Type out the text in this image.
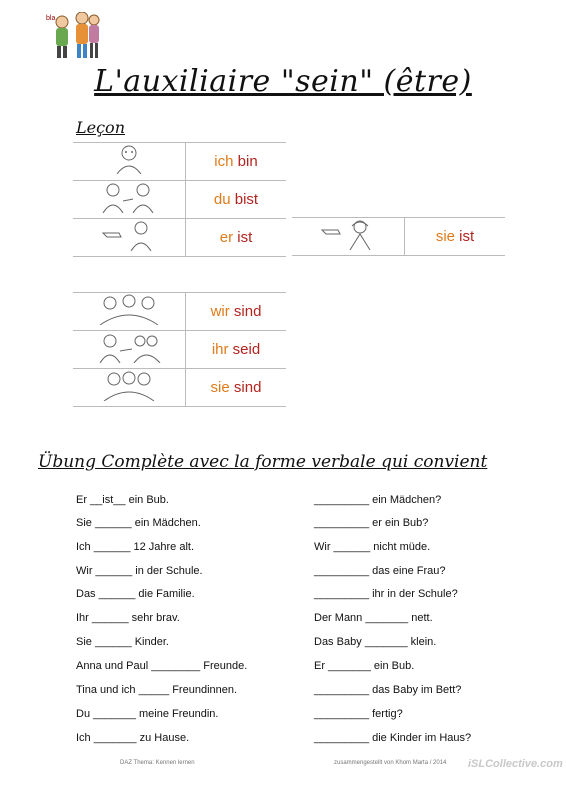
bla
L'auxiliaire "sein" (être)
Leçon
	ich bin
	du bist
	er ist
		sie ist
	wir sind
	ihr seid
	sie sind
Übung Complète avec la forme verbale qui convient
Er __ist__ ein Bub.
Sie ______ ein Mädchen.
Ich ______ 12 Jahre alt.
Wir ______ in der Schule.
Das ______ die Familie.
Ihr ______ sehr brav.
Sie ______ Kinder.
Anna und Paul ________ Freunde.
Tina und ich _____ Freundinnen.
Du _______ meine Freundin.
Ich _______ zu Hause.
_________ ein Mädchen?
_________ er ein Bub?
Wir ______ nicht müde.
_________ das eine Frau?
_________ ihr in der Schule?
Der Mann _______ nett.
Das Baby _______ klein.
Er _______ ein Bub.
_________ das Baby im Bett?
_________ fertig?
_________ die Kinder im Haus?
DAZ Thema: Kennen lernen	zusammengestellt von Khom Marta / 2014 iSLCollective.com
